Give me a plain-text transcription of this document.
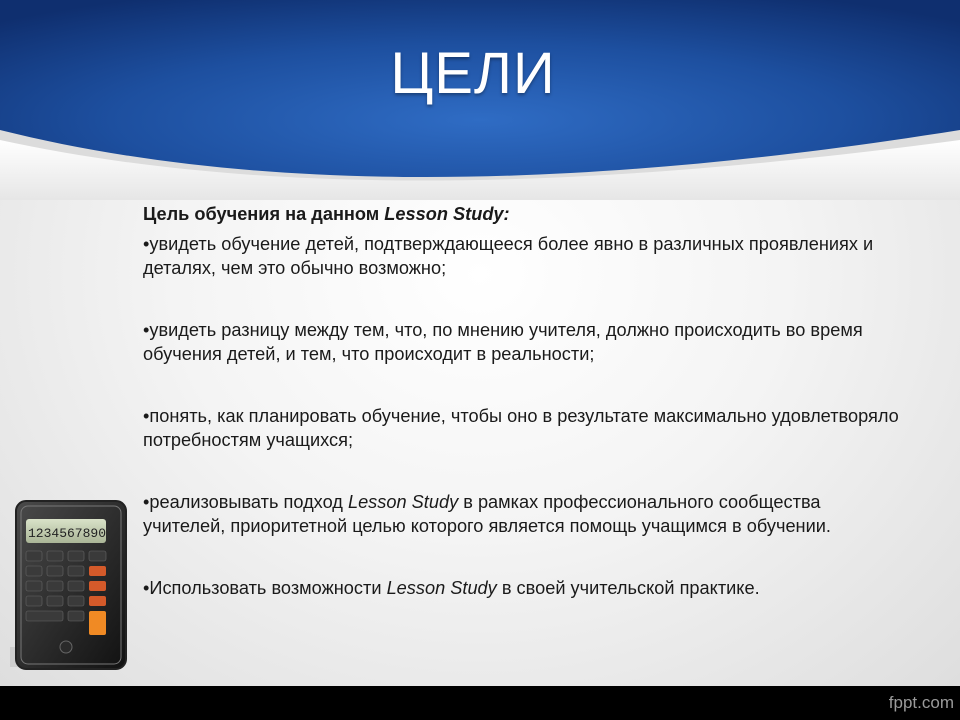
ЦЕЛИ

Цель обучения на данном Lesson Study:

•увидеть обучение детей, подтверждающееся более явно в различных проявлениях и деталях, чем это обычно возможно;

•увидеть разницу между тем, что, по мнению учителя, должно происходить во время обучения детей, и тем, что происходит в реальности;

•понять, как планировать обучение, чтобы оно в результате максимально удовлетворяло потребностям учащихся;

•реализовывать подход Lesson Study в рамках профессионального сообщества учителей, приоритетной целью которого является помощь учащимся в обучении.

•Использовать возможности Lesson Study в своей учительской практике.

1234567890
fppt.com
